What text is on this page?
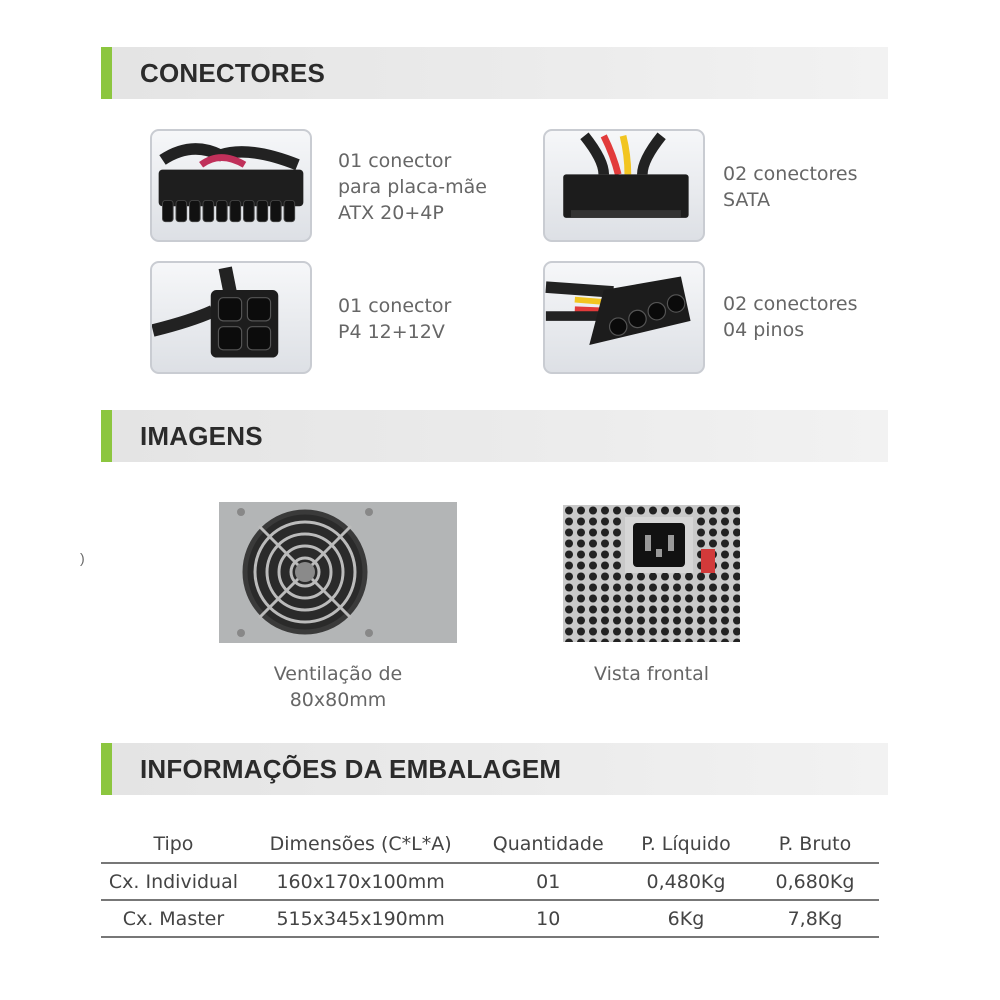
CONECTORES
01 conector
para placa-mãe
ATX 20+4P
02 conectores
SATA
01 conector
P4 12+12V
02 conectores
04 pinos
IMAGENS
)
Ventilação de
80x80mm
Vista frontal
INFORMAÇÕES DA EMBALAGEM
Tipo	Dimensões (C*L*A)	Quantidade	P. Líquido	P. Bruto
Cx. Individual	160x170x100mm	01	0,480Kg	0,680Kg
Cx. Master	515x345x190mm	10	6Kg	7,8Kg
